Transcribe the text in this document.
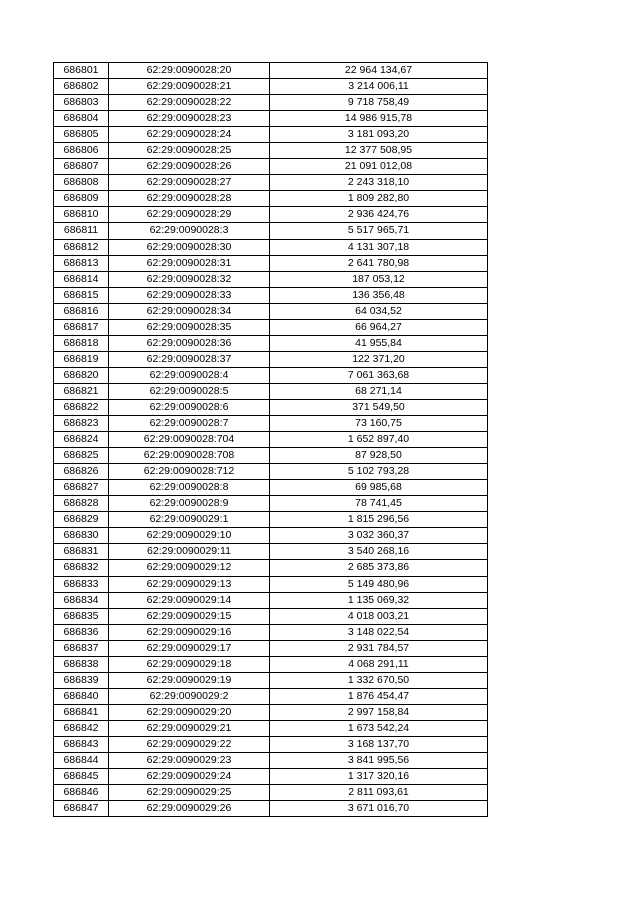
686801	62:29:0090028:20	22 964 134,67
686802	62:29:0090028:21	3 214 006,11
686803	62:29:0090028:22	9 718 758,49
686804	62:29:0090028:23	14 986 915,78
686805	62:29:0090028:24	3 181 093,20
686806	62:29:0090028:25	12 377 508,95
686807	62:29:0090028:26	21 091 012,08
686808	62:29:0090028:27	2 243 318,10
686809	62:29:0090028:28	1 809 282,80
686810	62:29:0090028:29	2 936 424,76
686811	62:29:0090028:3	5 517 965,71
686812	62:29:0090028:30	4 131 307,18
686813	62:29:0090028:31	2 641 780,98
686814	62:29:0090028:32	187 053,12
686815	62:29:0090028:33	136 356,48
686816	62:29:0090028:34	64 034,52
686817	62:29:0090028:35	66 964,27
686818	62:29:0090028:36	41 955,84
686819	62:29:0090028:37	122 371,20
686820	62:29:0090028:4	7 061 363,68
686821	62:29:0090028:5	68 271,14
686822	62:29:0090028:6	371 549,50
686823	62:29:0090028:7	73 160,75
686824	62:29:0090028:704	1 652 897,40
686825	62:29:0090028:708	87 928,50
686826	62:29:0090028:712	5 102 793,28
686827	62:29:0090028:8	69 985,68
686828	62:29:0090028:9	78 741,45
686829	62:29:0090029:1	1 815 296,56
686830	62:29:0090029:10	3 032 360,37
686831	62:29:0090029:11	3 540 268,16
686832	62:29:0090029:12	2 685 373,86
686833	62:29:0090029:13	5 149 480,96
686834	62:29:0090029:14	1 135 069,32
686835	62:29:0090029:15	4 018 003,21
686836	62:29:0090029:16	3 148 022,54
686837	62:29:0090029:17	2 931 784,57
686838	62:29:0090029:18	4 068 291,11
686839	62:29:0090029:19	1 332 670,50
686840	62:29:0090029:2	1 876 454,47
686841	62:29:0090029:20	2 997 158,84
686842	62:29:0090029:21	1 673 542,24
686843	62:29:0090029:22	3 168 137,70
686844	62:29:0090029:23	3 841 995,56
686845	62:29:0090029:24	1 317 320,16
686846	62:29:0090029:25	2 811 093,61
686847	62:29:0090029:26	3 671 016,70
